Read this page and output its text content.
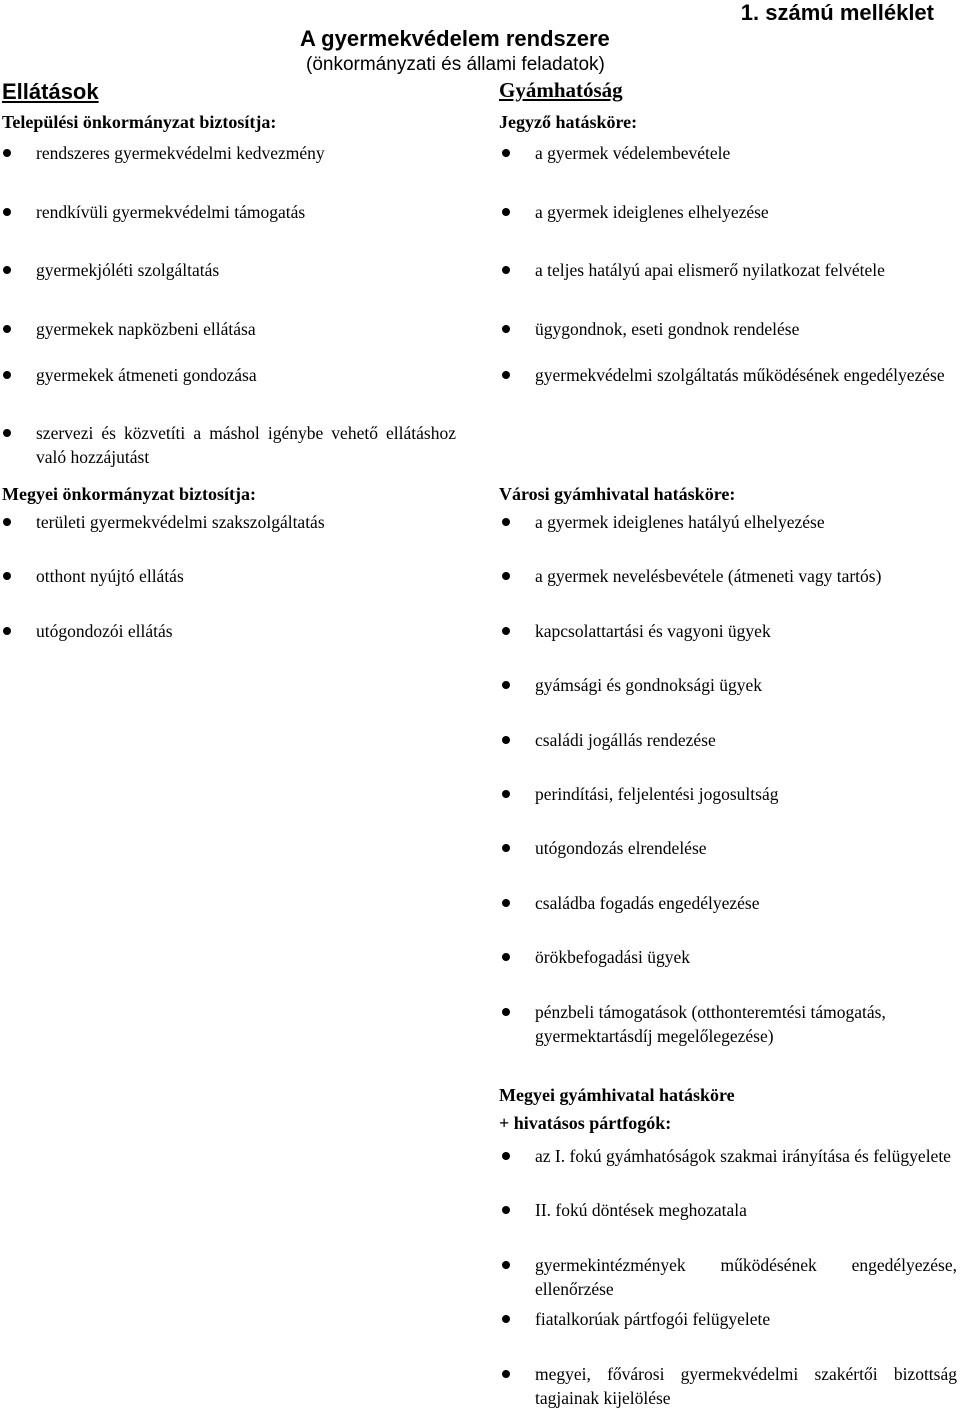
1. számú melléklet
A gyermekvédelem rendszere
(önkormányzati és állami feladatok)
Ellátások	Gyámhatóság
Települési önkormányzat biztosítja:
rendszeres gyermekvédelmi kedvezmény
rendkívüli gyermekvédelmi támogatás
gyermekjóléti szolgáltatás
gyermekek napközbeni ellátása
gyermekek átmeneti gondozása
szervezi és közvetíti a máshol igénybe vehető ellátáshoz való hozzájutást
Megyei önkormányzat biztosítja:
területi gyermekvédelmi szakszolgáltatás
otthont nyújtó ellátás
utógondozói ellátás
Jegyző hatásköre:
a gyermek védelembevétele
a gyermek ideiglenes elhelyezése
a teljes hatályú apai elismerő nyilatkozat felvétele
ügygondnok, eseti gondnok rendelése
gyermekvédelmi szolgáltatás működésének engedélyezése
Városi gyámhivatal hatásköre:
a gyermek ideiglenes hatályú elhelyezése
a gyermek nevelésbevétele (átmeneti vagy tartós)
kapcsolattartási és vagyoni ügyek
gyámsági és gondnoksági ügyek
családi jogállás rendezése
perindítási, feljelentési jogosultság
utógondozás elrendelése
családba fogadás engedélyezése
örökbefogadási ügyek
pénzbeli támogatások (otthonteremtési támogatás, gyermektartásdíj megelőlegezése)
Megyei gyámhivatal hatásköre
+ hivatásos pártfogók:
az I. fokú gyámhatóságok szakmai irányítása és felügyelete
II. fokú döntések meghozatala
gyermekintézmények működésének engedélyezése, ellenőrzése
fiatalkorúak pártfogói felügyelete
megyei, fővárosi gyermekvédelmi szakértői bizottság tagjainak kijelölése
